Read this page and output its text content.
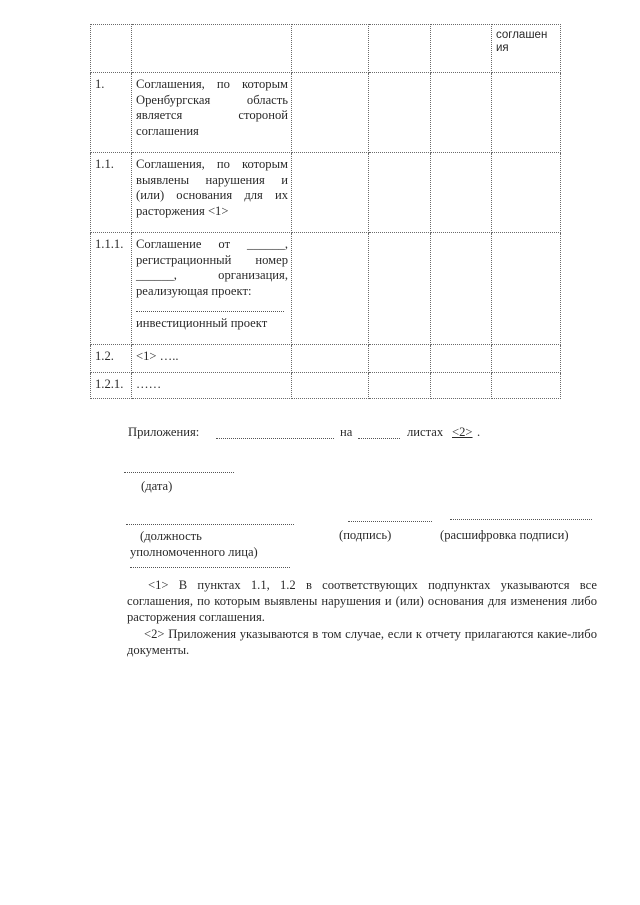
					соглашен ия

1.	Соглашения, по которым
Оренбургская область
является стороной
соглашения				

1.1.	Соглашения, по которым
выявлены нарушения и
(или) основания для их
расторжения <1>				

1.1.1.	Соглашение от ______,
регистрационный номер
______, организация,
реализующая проект:
инвестиционный проект				

1.2.	<1> …..				
1.2.1.	……				
Приложения:	на	листах <2> .
(дата)
(должность	(подпись)	(расшифровка подписи)
уполномоченного лица)
<1> В пунктах 1.1, 1.2 в соответствующих подпунктах указываются все соглашения, по которым выявлены нарушения и (или) основания для изменения либо расторжения соглашения.
<2> Приложения указываются в том случае, если к отчету прилагаются какие-либо документы.
